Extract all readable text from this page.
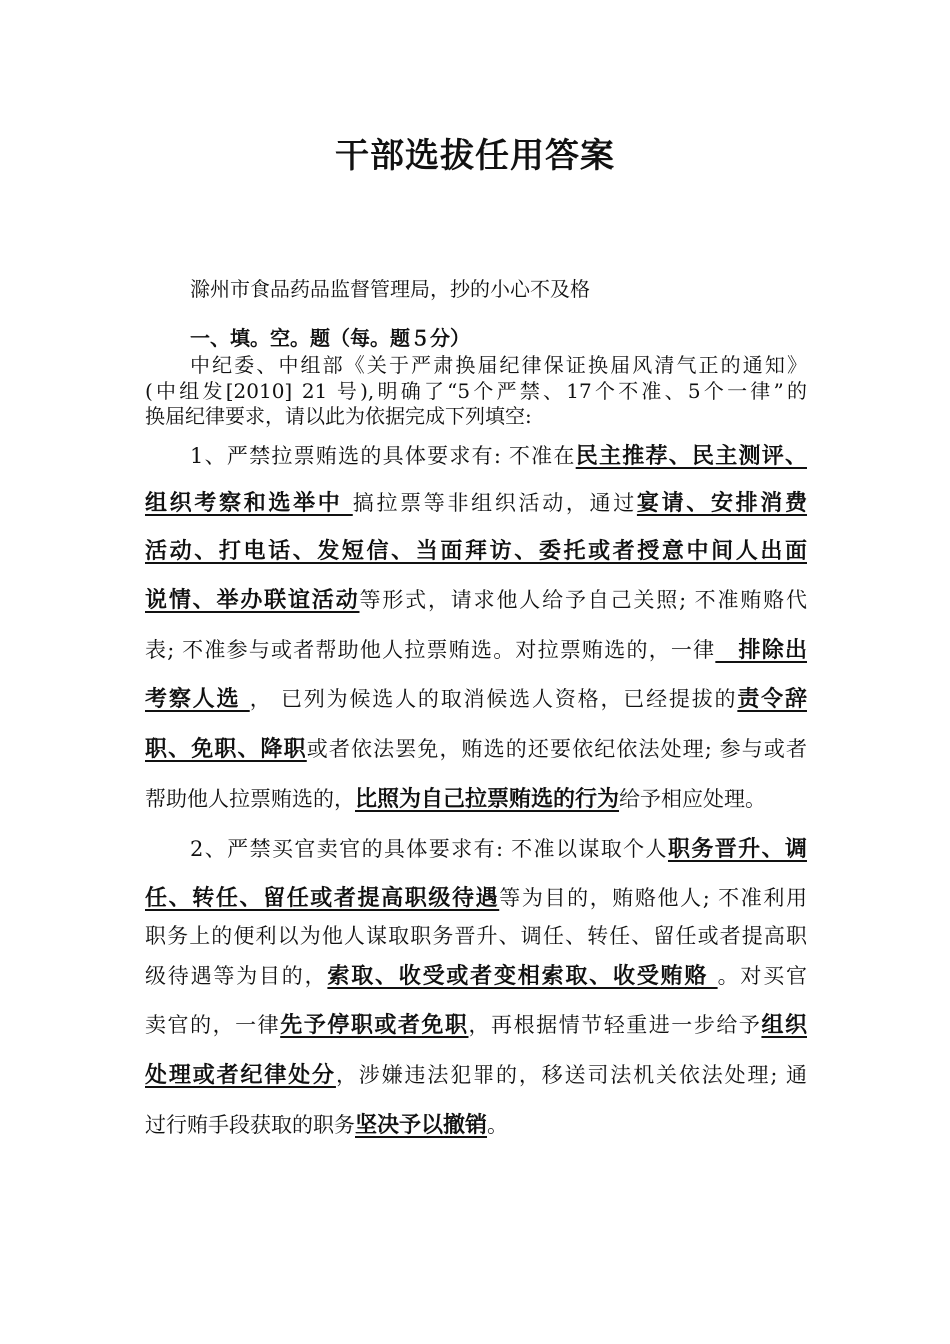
干部选拔任用答案
滁州市食品药品监督管理局，抄的小心不及格
一、填。空。题（每。题５分）
中纪委、中组部《关于严肃换届纪律保证换届风清气正的通知》
(中组发[2010] 21 号),明确了“5个严禁、17个不准、5个一律”的
换届纪律要求，请以此为依据完成下列填空:
1、严禁拉票贿选的具体要求有: 不准在民主推荐、民主测评、
组织考察和选举中 搞拉票等非组织活动，通过宴请、安排消费
活动、打电话、发短信、当面拜访、委托或者授意中间人出面
说情、举办联谊活动等形式，请求他人给予自己关照; 不准贿赂代
表; 不准参与或者帮助他人拉票贿选。对拉票贿选的，一律　排除出
考察人选 ， 已列为候选人的取消候选人资格，已经提拔的责令辞
职、免职、降职或者依法罢免，贿选的还要依纪依法处理; 参与或者
帮助他人拉票贿选的，比照为自己拉票贿选的行为给予相应处理。
2、严禁买官卖官的具体要求有: 不准以谋取个人职务晋升、调
任、转任、留任或者提高职级待遇等为目的，贿赂他人; 不准利用
职务上的便利以为他人谋取职务晋升、调任、转任、留任或者提高职
级待遇等为目的，索取、收受或者变相索取、收受贿赂 。对买官
卖官的，一律先予停职或者免职，再根据情节轻重进一步给予组织
处理或者纪律处分，涉嫌违法犯罪的，移送司法机关依法处理; 通
过行贿手段获取的职务坚决予以撤销。
